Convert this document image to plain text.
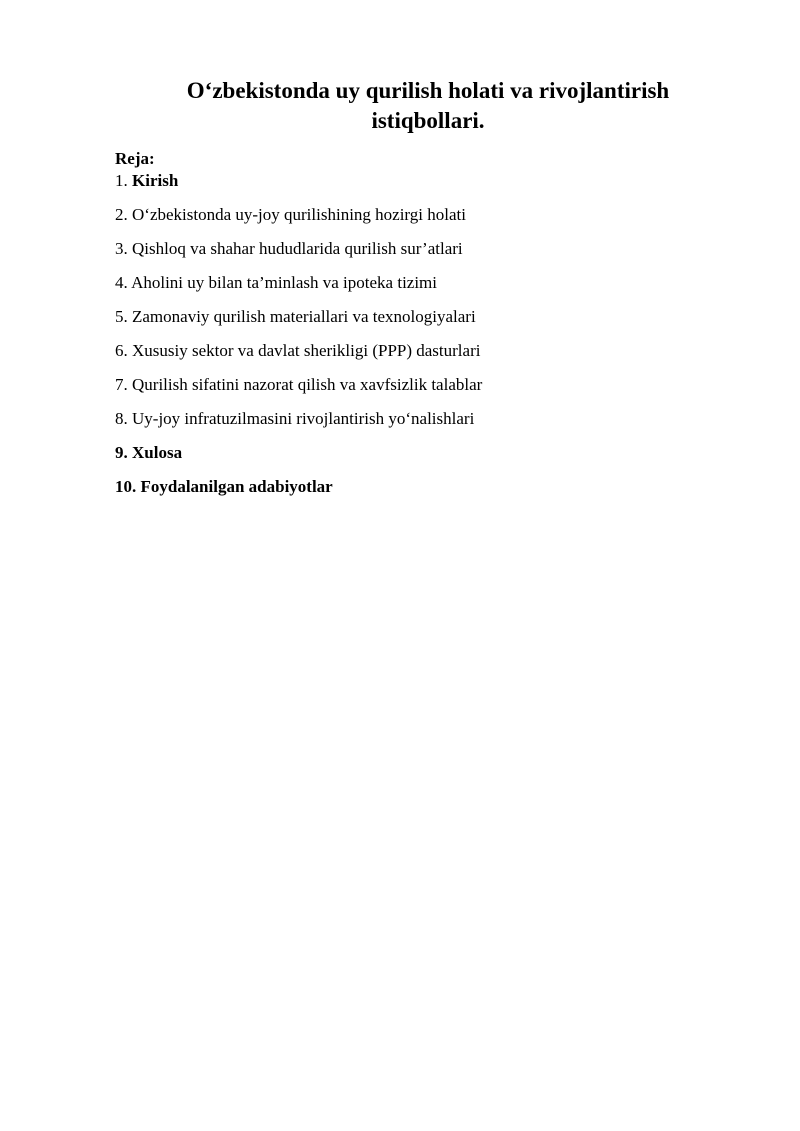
O‘zbekistonda uy qurilish holati va rivojlantirish istiqbollari.
Reja:
1. Kirish
2. O‘zbekistonda uy-joy qurilishining hozirgi holati
3. Qishloq va shahar hududlarida qurilish sur’atlari
4. Aholini uy bilan ta’minlash va ipoteka tizimi
5. Zamonaviy qurilish materiallari va texnologiyalari
6. Xususiy sektor va davlat sherikligi (PPP) dasturlari
7. Qurilish sifatini nazorat qilish va xavfsizlik talablar
8. Uy-joy infratuzilmasini rivojlantirish yo‘nalishlari
9. Xulosa
10. Foydalanilgan adabiyotlar
